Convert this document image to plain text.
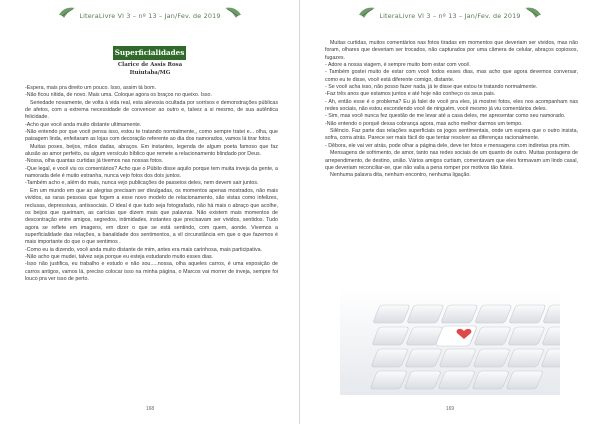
LiteraLivre Vl 3 – nº 13 – Jan/Fev. de 2019
Superficialidades
Clarice de Assis Rosa
Ituiutaba/MG

-Espera, mais pra direito um pouco. Isso, assim tá bom.

-Não ficou nítida, de novo. Mais uma. Coloque agora os braços no queixo. Isso.

Seriedade novamente, de volta à vida real, esta alevosia ocultada por sorrisos e demonstrações públicas de afetos, com a extrema necessidade de convencer ao outro e, talvez a si mesmo, de sua autêntica felicidade.

-Acho que você anda muito distante ultimamente.

-Não entendo por que você pensa isso, estou te tratando normalmente,, como sempre tratei e... olha, que paisagem linda, enfeitaram as lojas com decoração referente ao dia dos namorados, vamos lá tirar fotos.

Muitas poses, beijos, mãos dadas, abraços. Em instantes, legenda de algum poeta famoso que faz alusão ao amor perfeito, ou algum versículo bíblico que remete a relacionamento blindado por Deus.

-Nossa, olha quantas curtidas já tivemos nas nossas fotos.

-Que legal, e você viu os comentários? Acho que o Púbilo disse aquilo porque tem muita inveja da gente, a namorada dele é muito estranha, nunca vejo fotos dos dois juntos.

-Também acho e, além do mais, nunca vejo publicações de passeios deles, nem devem sair juntos.

Em um mundo em que as alegrias precisam ser divulgadas, os momentos apenas mostrados, não mais vividos, as raras pessoas que fogem a esse novo modelo de relacionamento, são vistas como infelizes, reclusas, depressivas, antissociais. O ideal é que tudo seja fotografado, não há mais o abraço que acolhe, os beijos que queimam, as carícias que dizem mais que palavras. Não existem mais momentos de descontração entre amigos, segredos, intimidades, instantes que precisavam ser vividos, sentidos. Tudo agora se reflete em imagens, em dizer o que se está sentindo, com quem, aonde. Vivemos a superficialidade das relações, a banalidade dos sentimentos, a vil circunstância em que o que fazemos é mais importante do que o que sentimos .

-Como eu ia dizendo, você anda muito distante de mim, antes era mais carinhosa, mais participativa.

-Não acho que mudei, talvez seja porque eu esteja estudando muito esses dias.

-Isso não justifica, eu trabalho e estudo e não sou.....nossa, olha aqueles carros, é uma exposição de carros antigos, vamos lá, preciso colocar isso na minha página, o Marcos vai morrer de inveja, sempre foi louco pra ver isso de perto.

168
LiteraLivre Vl 3 – nº 13 – Jan/Fev. de 2019

Muitas curtidas, muitos comentários nas fotos tiradas em momentos que deveriam ser vividos, mas não foram, olhares que deveriam ser trocados, não capturados por uma câmera de celular, abraços copiosos, fugazes.

- Adore a nossa viagem, é sempre muito bom estar com você.

- Também gostei muito de estar com você todos esses dias, mas acho que agora devemos conversar, como eu te disse, você está diferente comigo, distante.

- Se você acha isso, não posso fazer nada, já te disse que estou te tratando normalmente.

-Faz três anos que estamos juntos e até hoje não conheço os seus pais.

- Ah, então esse é o problema? Eu já falei de você pra eles, já mostrei fotos, eles nos acompanham nas redes sociais, não estou escondendo você de ninguém, você mesmo já viu comentários deles.

- Sim, mas você nunca fez questão de me levar até a casa deles, me apresentar como seu namorado.

-Não entendo o porquê dessa cobrança agora, mas acho melhor darmos um tempo.

Silêncio. Faz parte das relações superficiais os jogos sentimentais, onde um espera que o outro insista, sofra, corra atrás. Parece ser mais fácil do que tentar resolver as diferenças racionalmente.

- Dêbora, ele vai ver atrás, pode olhar a página dele, deve ter fotos e mensagens com indiretas pra mim.

Mensagens de sofrimento, de amor, tanto nas redes sociais de um quanto de outro. Muitas postagens de arrependimento, de destino, união. Vários amigos curtiam, comentavam que eles formavam um lindo casal, que deveriam reconciliar-se, que não valia a pena romper por motivos tão fúteis.

Nenhuma palavra dita, nenhum encontro, nenhuma ligação.

169
